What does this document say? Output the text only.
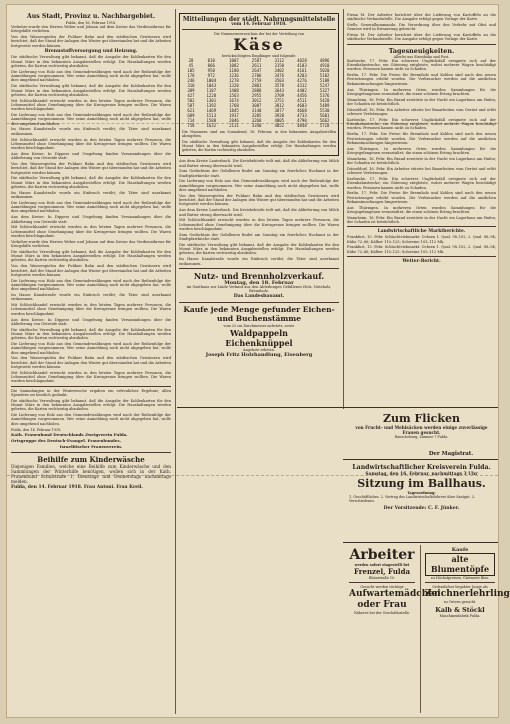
Aus Stadt, Provinz u. Nachbargebiet.
Fulda, den 16. Februar 1918.

Verkehrs-wurde den Herren Weber und Johann auf dem Kreise das Verdienstkreuz für Kriegshilfe verliehen.

Von den Wasserspielen der Fuldaer Bahn und den städtischen Gewässern wird berichtet, daß der Stand der Anlagen den Winter gut überstanden hat und die Arbeiten fortgesetzt werden können.

Brennstoffversorgung und Heizung.

Die städtische Verwaltung gibt bekannt, daß die Ausgabe der Kohlenkarten für den Monat März in den bekannten Ausgabestellen erfolgt. Die Haushaltungen werden gebeten, die Karten rechtzeitig abzuholen.

Die Lieferung von Holz aus den Gemeindewaldungen wird nach der Reihenfolge der Anmeldungen vorgenommen. Wer seine Anmeldung noch nicht abgegeben hat, wolle dies umgehend nachholen.

Die städtische Verwaltung gibt bekannt, daß die Ausgabe der Kohlenkarten für den Monat März in den bekannten Ausgabestellen erfolgt. Die Haushaltungen werden gebeten, die Karten rechtzeitig abzuholen.

Mit Schleichhandel erwischt wurden in den letzten Tagen mehrere Personen, die Lebensmittel ohne Genehmigung über die Kreisgrenze bringen wollten. Die Waren wurden beschlagnahmt.

Die Lieferung von Holz aus den Gemeindewaldungen wird nach der Reihenfolge der Anmeldungen vorgenommen. Wer seine Anmeldung noch nicht abgegeben hat, wolle dies umgehend nachholen.

Im Hause Kanalstraße wurde ein Einbruch verübt; die Täter sind unerkannt entkommen.

Mit Schleichhandel erwischt wurden in den letzten Tagen mehrere Personen, die Lebensmittel ohne Genehmigung über die Kreisgrenze bringen wollten. Die Waren wurden beschlagnahmt.

Aus dem Kreise: In Dipperz und Umgebung fanden Versammlungen über die Ablieferung von Getreide statt.

Von den Wasserspielen der Fuldaer Bahn und den städtischen Gewässern wird berichtet, daß der Stand der Anlagen den Winter gut überstanden hat und die Arbeiten fortgesetzt werden können.

Die städtische Verwaltung gibt bekannt, daß die Ausgabe der Kohlenkarten für den Monat März in den bekannten Ausgabestellen erfolgt. Die Haushaltungen werden gebeten, die Karten rechtzeitig abzuholen.

Im Hause Kanalstraße wurde ein Einbruch verübt; die Täter sind unerkannt entkommen.

Die Lieferung von Holz aus den Gemeindewaldungen wird nach der Reihenfolge der Anmeldungen vorgenommen. Wer seine Anmeldung noch nicht abgegeben hat, wolle dies umgehend nachholen.

Aus dem Kreise: In Dipperz und Umgebung fanden Versammlungen über die Ablieferung von Getreide statt.

Mit Schleichhandel erwischt wurden in den letzten Tagen mehrere Personen, die Lebensmittel ohne Genehmigung über die Kreisgrenze bringen wollten. Die Waren wurden beschlagnahmt.

Verkehrs-wurde den Herren Weber und Johann auf dem Kreise das Verdienstkreuz für Kriegshilfe verliehen.

Die städtische Verwaltung gibt bekannt, daß die Ausgabe der Kohlenkarten für den Monat März in den bekannten Ausgabestellen erfolgt. Die Haushaltungen werden gebeten, die Karten rechtzeitig abzuholen.

Von den Wasserspielen der Fuldaer Bahn und den städtischen Gewässern wird berichtet, daß der Stand der Anlagen den Winter gut überstanden hat und die Arbeiten fortgesetzt werden können.

Die Lieferung von Holz aus den Gemeindewaldungen wird nach der Reihenfolge der Anmeldungen vorgenommen. Wer seine Anmeldung noch nicht abgegeben hat, wolle dies umgehend nachholen.

Im Hause Kanalstraße wurde ein Einbruch verübt; die Täter sind unerkannt entkommen.

Mit Schleichhandel erwischt wurden in den letzten Tagen mehrere Personen, die Lebensmittel ohne Genehmigung über die Kreisgrenze bringen wollten. Die Waren wurden beschlagnahmt.

Aus dem Kreise: In Dipperz und Umgebung fanden Versammlungen über die Ablieferung von Getreide statt.

Die städtische Verwaltung gibt bekannt, daß die Ausgabe der Kohlenkarten für den Monat März in den bekannten Ausgabestellen erfolgt. Die Haushaltungen werden gebeten, die Karten rechtzeitig abzuholen.

Die Lieferung von Holz aus den Gemeindewaldungen wird nach der Reihenfolge der Anmeldungen vorgenommen. Wer seine Anmeldung noch nicht abgegeben hat, wolle dies umgehend nachholen.

Von den Wasserspielen der Fuldaer Bahn und den städtischen Gewässern wird berichtet, daß der Stand der Anlagen den Winter gut überstanden hat und die Arbeiten fortgesetzt werden können.

Mit Schleichhandel erwischt wurden in den letzten Tagen mehrere Personen, die Lebensmittel ohne Genehmigung über die Kreisgrenze bringen wollten. Die Waren wurden beschlagnahmt.

Die Sammlungen in der Winterwoche ergaben ein erfreuliches Ergebnis; allen Spendern sei herzlich gedankt.

Die städtische Verwaltung gibt bekannt, daß die Ausgabe der Kohlenkarten für den Monat März in den bekannten Ausgabestellen erfolgt. Die Haushaltungen werden gebeten, die Karten rechtzeitig abzuholen.

Die Lieferung von Holz aus den Gemeindewaldungen wird nach der Reihenfolge der Anmeldungen vorgenommen. Wer seine Anmeldung noch nicht abgegeben hat, wolle dies umgehend nachholen.

Fulda, den 14. Februar 1918.
Kath. Frauenbund Deutschlands Zweigverein Fulda.
Ortsgruppe des Deutsch-Evangel. Frauenbundes.
Israelitischer Frauenverein.
Beihilfe zum Kinderwäsche

Diejenigen Familien, welche eine Beihilfe zum Kinderwäsche und den Sammlungen der Winterhilfe benötigen, wollen sich in der Kath. Frauenbund Schulstraße 1, Dienstags und Donnerstags nachmittags melden.

Fulda, den 14. Februar 1918. Frau Antoni. Frau Kreil.
Mitteilungen der städt. Nahrungsmittelstelle
vom 14. Februar 1918.
Die Nummernverzeichnis der bei der Verteilung von
Käse
berücksichtigten Empfänger sind folgende:
28	810	1007	2587	3112	4028	4896
45	866	1082	2611	3150	4103	4910
105	950	1180	2647	3402	4161	5020
178	972	1236	2706	3476	4203	5102
246	1004	1278	2759	3503	4276	5188
310	1043	1320	2801	3578	4312	5247
389	1187	1408	2888	3643	4402	5327
427	1228	1563	2955	3709	4456	5376
502	1301	1674	3012	3751	4511	5420
587	1392	1768	3087	3812	4603	5489
621	1469	1845	3140	3877	4668	5530
689	1513	1937	3205	3920	4733	5601
714	1588	2046	3268	4005	4790	5662
758	1632	2131	3340	4052	4848	5718

Die Nummern sind am Sonnabend, 16. Februar, in den bekannten Ausgabestellen abzugeben.

Die städtische Verwaltung gibt bekannt, daß die Ausgabe der Kohlenkarten für den Monat März in den bekannten Ausgabestellen erfolgt. Die Haushaltungen werden gebeten, die Karten rechtzeitig abzuholen.

Aus dem Kreise Lauterbach. Die Kreisbehörde teilt mit, daß die Ablieferung von Milch und Butter streng überwacht wird.

Zum Gedächtnis der Gefallenen findet am Sonntag ein feierliches Hochamt in der Stadtpfarrkirche statt.

Die Lieferung von Holz aus den Gemeindewaldungen wird nach der Reihenfolge der Anmeldungen vorgenommen. Wer seine Anmeldung noch nicht abgegeben hat, wolle dies umgehend nachholen.

Von den Wasserspielen der Fuldaer Bahn und den städtischen Gewässern wird berichtet, daß der Stand der Anlagen den Winter gut überstanden hat und die Arbeiten fortgesetzt werden können.

Aus dem Kreise Lauterbach. Die Kreisbehörde teilt mit, daß die Ablieferung von Milch und Butter streng überwacht wird.

Mit Schleichhandel erwischt wurden in den letzten Tagen mehrere Personen, die Lebensmittel ohne Genehmigung über die Kreisgrenze bringen wollten. Die Waren wurden beschlagnahmt.

Zum Gedächtnis der Gefallenen findet am Sonntag ein feierliches Hochamt in der Stadtpfarrkirche statt.

Die städtische Verwaltung gibt bekannt, daß die Ausgabe der Kohlenkarten für den Monat März in den bekannten Ausgabestellen erfolgt. Die Haushaltungen werden gebeten, die Karten rechtzeitig abzuholen.

Im Hause Kanalstraße wurde ein Einbruch verübt; die Täter sind unerkannt entkommen.

Nutz- und Brennholzverkauf.
Montag, den 18. Februar

im Gasthaus zur Linde Verkauf aus den Abteilungen Gefallenes Holz, Nutzholz, Brennholz.

Das Landesbauamt.
Kaufe jede Menge gefunder Eichen- und Buchenstämme
vom 25 cm Durchmesser aufwärts, sowie
Waldpappeln
Eichenknüppel
Angebote erbeten.
Joseph Fritz Holzhandlung, Eisenberg

Firma M. Der Arbeiter berichtet über die Lieferung von Kartoffeln an die städtische Verkaufsstelle. Die Ausgabe erfolgt gegen Vorlage der Karte.

Stellv. Generalkommando: Die Verordnung über den Verkehr mit Obst und Gemüse wird in Erinnerung gebracht.

Firma M. Der Arbeiter berichtet über die Lieferung von Kartoffeln an die städtische Verkaufsstelle. Die Ausgabe erfolgt gegen Vorlage der Karte.

Tagesneuigkeiten.
Allerlei aus Eisenbahn und Post.

Karlsruhe, 17. Febr. Ein schwerer Unglücksfall ereignete sich auf der Eisenbahnstrecke; ein Güterzug entgleiste, wobei mehrere Wagen beschädigt wurden. Personen kamen nicht zu Schaden.

Berlin, 17. Febr. Die Preise für Brennholz und Kohlen sind nach den neuen Festsetzungen erhöht worden. Die Verbraucher werden auf die amtlichen Bekanntmachungen hingewiesen.

Aus Thüringen. In mehreren Orten wurden Sammlungen für die Kriegsgefangenen veranstaltet, die einen schönen Ertrag brachten.

Mannheim, 16. Febr. Ein Brand zerstörte in der Nacht ein Lagerhaus am Hafen; der Schaden ist beträchtlich.

Düsseldorf, 16. Febr. Ein Arbeiter stürzte bei Bauarbeiten vom Gerüst und erlitt schwere Verletzungen.

Karlsruhe, 17. Febr. Ein schwerer Unglücksfall ereignete sich auf der Eisenbahnstrecke; ein Güterzug entgleiste, wobei mehrere Wagen beschädigt wurden. Personen kamen nicht zu Schaden.

Berlin, 17. Febr. Die Preise für Brennholz und Kohlen sind nach den neuen Festsetzungen erhöht worden. Die Verbraucher werden auf die amtlichen Bekanntmachungen hingewiesen.

Aus Thüringen. In mehreren Orten wurden Sammlungen für die Kriegsgefangenen veranstaltet, die einen schönen Ertrag brachten.

Mannheim, 16. Febr. Ein Brand zerstörte in der Nacht ein Lagerhaus am Hafen; der Schaden ist beträchtlich.

Düsseldorf, 16. Febr. Ein Arbeiter stürzte bei Bauarbeiten vom Gerüst und erlitt schwere Verletzungen.

Karlsruhe, 17. Febr. Ein schwerer Unglücksfall ereignete sich auf der Eisenbahnstrecke; ein Güterzug entgleiste, wobei mehrere Wagen beschädigt wurden. Personen kamen nicht zu Schaden.

Berlin, 17. Febr. Die Preise für Brennholz und Kohlen sind nach den neuen Festsetzungen erhöht worden. Die Verbraucher werden auf die amtlichen Bekanntmachungen hingewiesen.

Aus Thüringen. In mehreren Orten wurden Sammlungen für die Kriegsgefangenen veranstaltet, die einen schönen Ertrag brachten.

Mannheim, 16. Febr. Ein Brand zerstörte in der Nacht ein Lagerhaus am Hafen; der Schaden ist beträchtlich.

Landwirtschaftliche Marktberichte.

Frankfurt, 15. Febr. Schlachtviehmarkt: Ochsen 1. Qual. 98–102, 2. Qual. 88–94; Kühe 72–86; Kälber 110–125; Schweine 105–112 Mk.

Frankfurt, 15. Febr. Schlachtviehmarkt: Ochsen 1. Qual. 98–102, 2. Qual. 88–94; Kühe 72–86; Kälber 110–125; Schweine 105–112 Mk.

Wetter-Bericht.
Zum Flicken
von Frucht- und Mehlsäcken werden einige zuverlässige Frauen gesucht.
Rauscheburg, Zimmer 7 Fulda.
Der Magistrat.
Landwirtschaftlicher Kreisverein Fulda.
Samstag, den 16. Februar, nachmittags 3 Uhr
Sitzung im Ballhaus.
Tagesordnung:
1. Geschäftliches. 2. Vortrag des Landwirtschaftslehrers über Saatgut. 3. Verschiedenes.
Der Vorsitzende: C. F. Jünker.
Arbeiter
werden sofort eingestellt bei
Frenzel, Fulda
Rhönstraße 10.
Gesucht werden tüchtige
Aufwartemädchen oder Frau
Näheres bei der Geschäftsstelle.
Kaufe
alte Blumentöpfe
zu Höchstpreisen. Gärtnerei Ries.
Ordentlicher begabter Junge als
Zeichnerlehrling
zu Ostern gesucht.
Kalb & Stöckl
Maschinenfabrik Fulda.
